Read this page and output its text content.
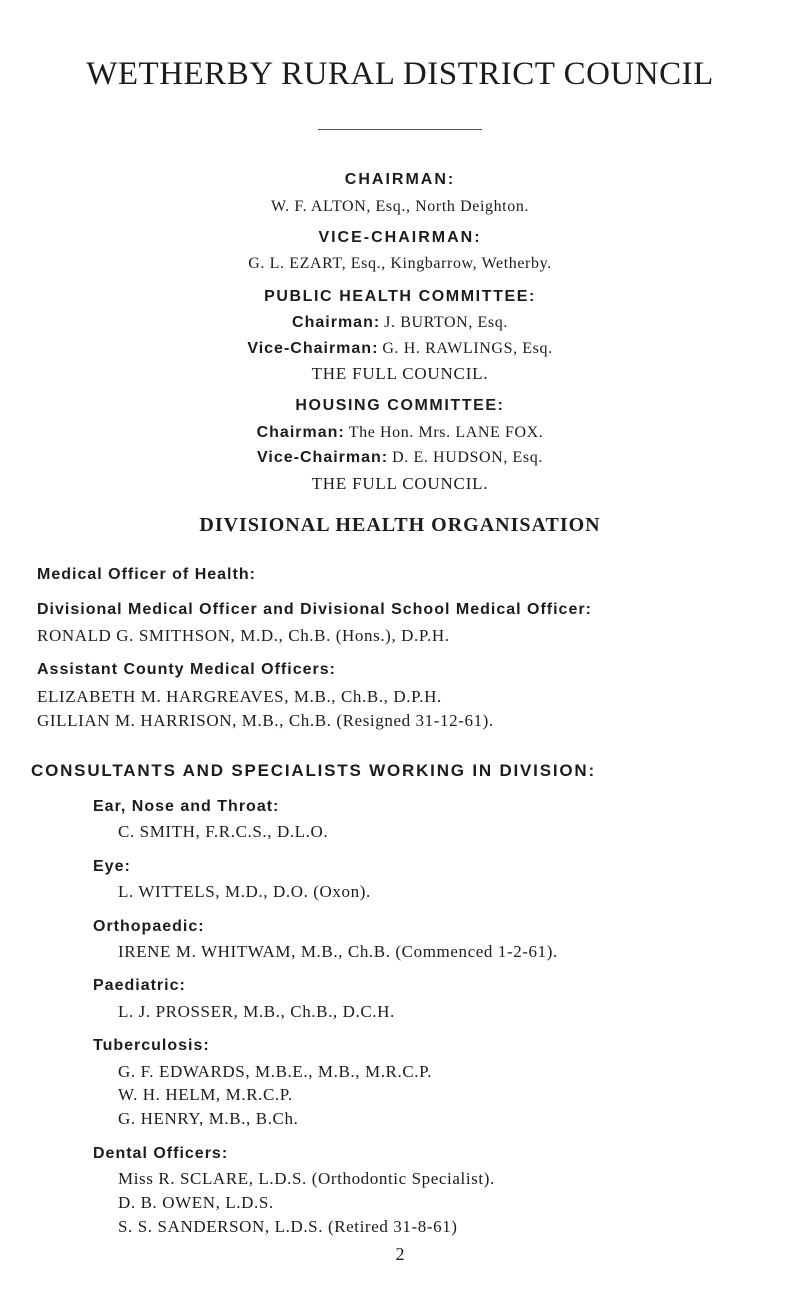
WETHERBY RURAL DISTRICT COUNCIL
CHAIRMAN:
W. F. ALTON, Esq., North Deighton.
VICE-CHAIRMAN:
G. L. EZART, Esq., Kingbarrow, Wetherby.
PUBLIC HEALTH COMMITTEE:
Chairman: J. BURTON, Esq.
Vice-Chairman: G. H. RAWLINGS, Esq.
THE FULL COUNCIL.
HOUSING COMMITTEE:
Chairman: The Hon. Mrs. LANE FOX.
Vice-Chairman: D. E. HUDSON, Esq.
THE FULL COUNCIL.
DIVISIONAL HEALTH ORGANISATION
Medical Officer of Health:
Divisional Medical Officer and Divisional School Medical Officer:
RONALD G. SMITHSON, M.D., Ch.B. (Hons.), D.P.H.
Assistant County Medical Officers:
ELIZABETH M. HARGREAVES, M.B., Ch.B., D.P.H.
GILLIAN M. HARRISON, M.B., Ch.B. (Resigned 31-12-61).
CONSULTANTS AND SPECIALISTS WORKING IN DIVISION:
Ear, Nose and Throat:
C. SMITH, F.R.C.S., D.L.O.
Eye:
L. WITTELS, M.D., D.O. (Oxon).
Orthopaedic:
IRENE M. WHITWAM, M.B., Ch.B. (Commenced 1-2-61).
Paediatric:
L. J. PROSSER, M.B., Ch.B., D.C.H.
Tuberculosis:
G. F. EDWARDS, M.B.E., M.B., M.R.C.P.
W. H. HELM, M.R.C.P.
G. HENRY, M.B., B.Ch.
Dental Officers:
Miss R. SCLARE, L.D.S. (Orthodontic Specialist).
D. B. OWEN, L.D.S.
S. S. SANDERSON, L.D.S. (Retired 31-8-61)
2
